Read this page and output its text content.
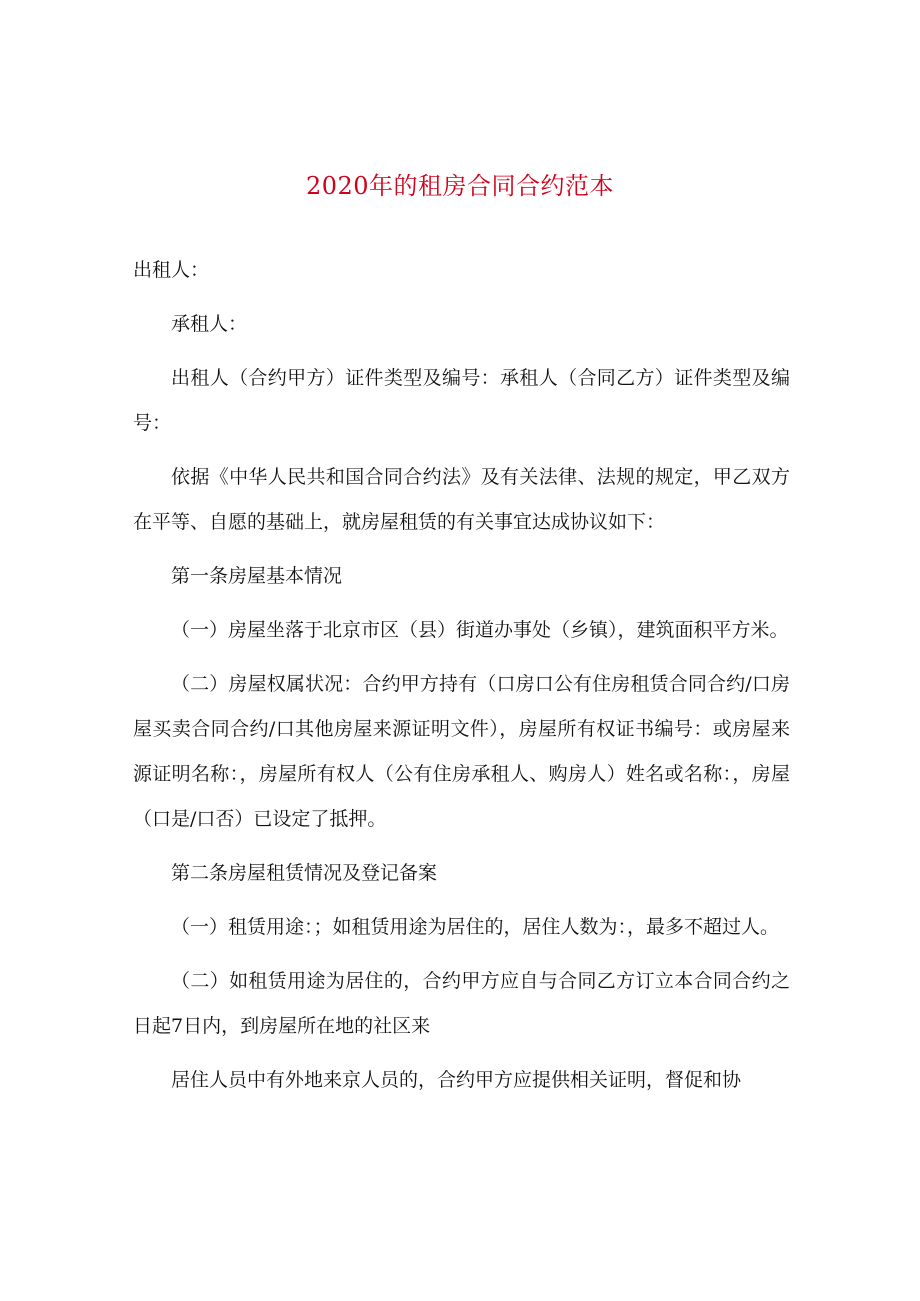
2020年的租房合同合约范本

出租人：

承租人：

出租人（合约甲方）证件类型及编号：承租人（合同乙方）证件类型及编号：

依据《中华人民共和国合同合约法》及有关法律、法规的规定，甲乙双方在平等、自愿的基础上，就房屋租赁的有关事宜达成协议如下：

第一条房屋基本情况

（一）房屋坐落于北京市区（县）街道办事处（乡镇），建筑面积平方米。

（二）房屋权属状况：合约甲方持有（口房口公有住房租赁合同合约/口房屋买卖合同合约/口其他房屋来源证明文件），房屋所有权证书编号：或房屋来源证明名称：，房屋所有权人（公有住房承租人、购房人）姓名或名称：，房屋（口是/口否）已设定了抵押。

第二条房屋租赁情况及登记备案

（一）租赁用途：；如租赁用途为居住的，居住人数为：，最多不超过人。

（二）如租赁用途为居住的，合约甲方应自与合同乙方订立本合同合约之日起7日内，到房屋所在地的社区来

居住人员中有外地来京人员的，合约甲方应提供相关证明，督促和协
